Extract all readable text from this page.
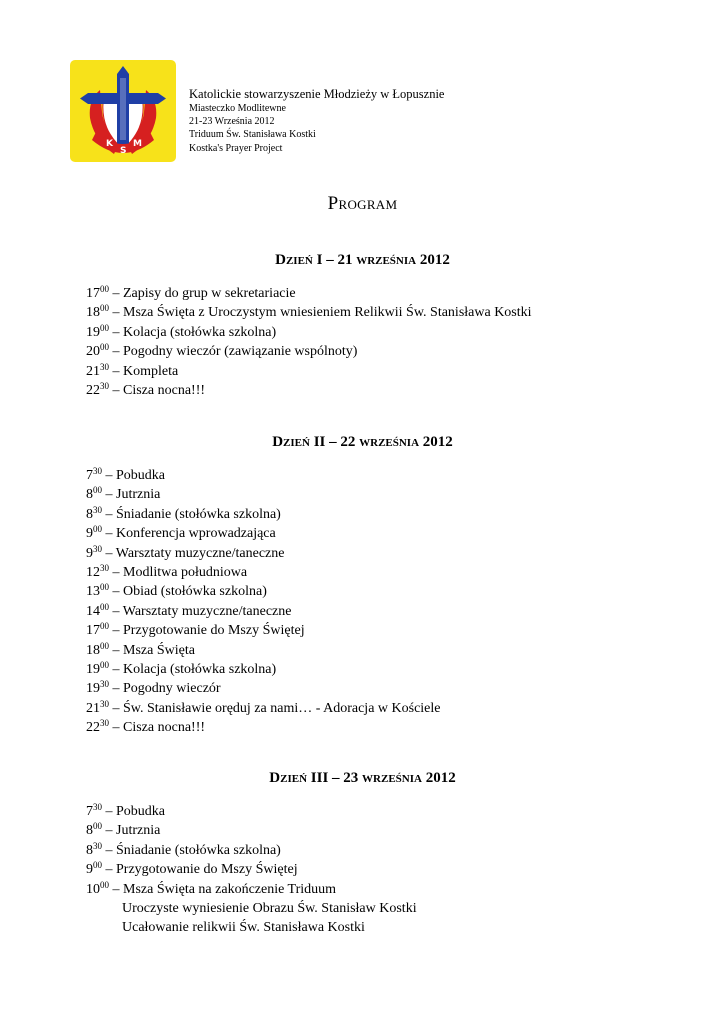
K
S
M
Katolickie stowarzyszenie Młodzieży w Łopusznie
Miasteczko Modlitewne
21-23 Września 2012
Triduum Św. Stanisława Kostki
Kostka's Prayer Project
Program
Dzień I – 21 września 2012
$17^{00}$ – Zapisy do grup w sekretariacie
$18^{00}$ – Msza Święta z Uroczystym wniesieniem Relikwii Św. Stanisława Kostki
$19^{00}$ – Kolacja (stołówka szkolna)
$20^{00}$ – Pogodny wieczór (zawiązanie wspólnoty)
$21^{30}$ – Kompleta
$22^{30}$ – Cisza nocna!!!
Dzień II – 22 września 2012
$7^{30}$ – Pobudka
$8^{00}$ – Jutrznia
$8^{30}$ – Śniadanie (stołówka szkolna)
$9^{00}$ – Konferencja wprowadzająca
$9^{30}$ – Warsztaty muzyczne/taneczne
$12^{30}$ – Modlitwa południowa
$13^{00}$ – Obiad (stołówka szkolna)
$14^{00}$ – Warsztaty muzyczne/taneczne
$17^{00}$ – Przygotowanie do Mszy Świętej
$18^{00}$ – Msza Święta
$19^{00}$ – Kolacja (stołówka szkolna)
$19^{30}$ – Pogodny wieczór
$21^{30}$ – Św. Stanisławie oręduj za nami… - Adoracja w Kościele
$22^{30}$ – Cisza nocna!!!
Dzień III – 23 września 2012
$7^{30}$ – Pobudka
$8^{00}$ – Jutrznia
$8^{30}$ – Śniadanie (stołówka szkolna)
$9^{00}$ – Przygotowanie do Mszy Świętej
$10^{00}$ – Msza Święta na zakończenie Triduum
Uroczyste wyniesienie Obrazu Św. Stanisław Kostki
Ucałowanie relikwii Św. Stanisława Kostki
